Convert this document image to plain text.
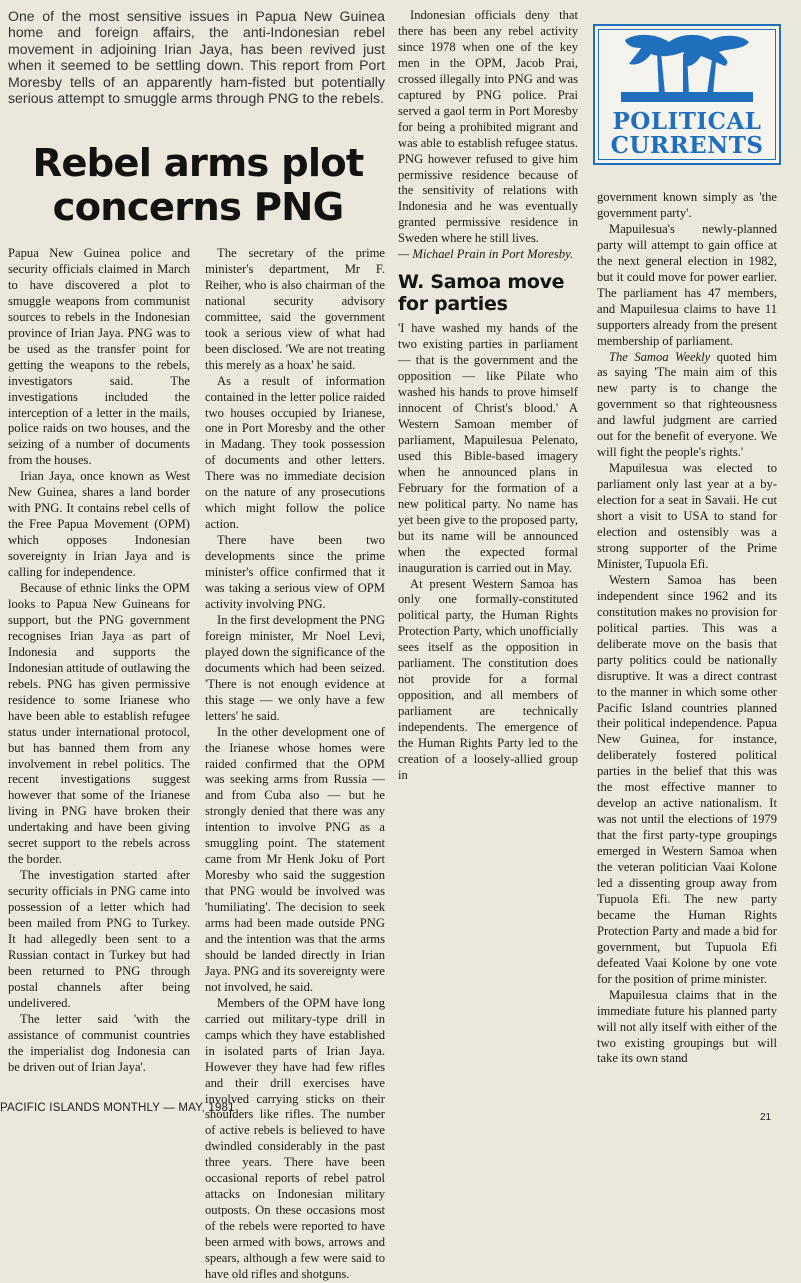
One of the most sensitive issues in Papua New Guinea home and foreign affairs, the anti-Indonesian rebel movement in adjoining Irian Jaya, has been revived just when it seemed to be settling down. This report from Port Moresby tells of an apparently ham-fisted but potentially serious attempt to smuggle arms through PNG to the rebels.

Rebel arms plot
concerns PNG

Papua New Guinea police and security officials claimed in March to have discovered a plot to smuggle weapons from communist sources to rebels in the Indonesian province of Irian Jaya. PNG was to be used as the transfer point for getting the weapons to the rebels, investigators said. The investigations included the interception of a letter in the mails, police raids on two houses, and the seizing of a number of documents from the houses.

Irian Jaya, once known as West New Guinea, shares a land border with PNG. It contains rebel cells of the Free Papua Movement (OPM) which opposes Indonesian sovereignty in Irian Jaya and is calling for independence.

Because of ethnic links the OPM looks to Papua New Guineans for support, but the PNG government recognises Irian Jaya as part of Indonesia and supports the Indonesian attitude of outlawing the rebels. PNG has given permissive residence to some Irianese who have been able to establish refugee status under international protocol, but has banned them from any involvement in rebel politics. The recent investigations suggest however that some of the Irianese living in PNG have broken their undertaking and have been giving secret support to the rebels across the border.

The investigation started after security officials in PNG came into possession of a letter which had been mailed from PNG to Turkey. It had allegedly been sent to a Russian contact in Turkey but had been returned to PNG through postal channels after being undelivered.

The letter said 'with the assistance of communist countries the imperialist dog Indonesia can be driven out of Irian Jaya'.

The secretary of the prime minister's department, Mr F. Reiher, who is also chairman of the national security advisory committee, said the government took a serious view of what had been disclosed. 'We are not treating this merely as a hoax' he said.

As a result of information contained in the letter police raided two houses occupied by Irianese, one in Port Moresby and the other in Madang. They took possession of documents and other letters. There was no immediate decision on the nature of any prosecutions which might follow the police action.

There have been two developments since the prime minister's office confirmed that it was taking a serious view of OPM activity involving PNG.

In the first development the PNG foreign minister, Mr Noel Levi, played down the significance of the documents which had been seized. 'There is not enough evidence at this stage — we only have a few letters' he said.

In the other development one of the Irianese whose homes were raided confirmed that the OPM was seeking arms from Russia — and from Cuba also — but he strongly denied that there was any intention to involve PNG as a smuggling point. The statement came from Mr Henk Joku of Port Moresby who said the suggestion that PNG would be involved was 'humiliating'. The decision to seek arms had been made outside PNG and the intention was that the arms should be landed directly in Irian Jaya. PNG and its sovereignty were not involved, he said.

Members of the OPM have long carried out military-type drill in camps which they have established in isolated parts of Irian Jaya. However they have had few rifles and their drill exercises have involved carrying sticks on their shoulders like rifles. The number of active rebels is believed to have dwindled considerably in the past three years. There have been occasional reports of rebel patrol attacks on Indonesian military outposts. On these occasions most of the rebels were reported to have been armed with bows, arrows and spears, although a few were said to have old rifles and shotguns.

Indonesian officials deny that there has been any rebel activity since 1978 when one of the key men in the OPM, Jacob Prai, crossed illegally into PNG and was captured by PNG police. Prai served a gaol term in Port Moresby for being a prohibited migrant and was able to establish refugee status. PNG however refused to give him permissive residence because of the sensitivity of relations with Indonesia and he was eventually granted permissive residence in Sweden where he still lives.

— Michael Prain in Port Moresby.

W. Samoa move
for parties

'I have washed my hands of the two existing parties in parliament — that is the government and the opposition — like Pilate who washed his hands to prove himself innocent of Christ's blood.' A Western Samoan member of parliament, Mapuilesua Pelenato, used this Bible-based imagery when he announced plans in February for the formation of a new political party. No name has yet been give to the proposed party, but its name will be announced when the expected formal inauguration is carried out in May.

At present Western Samoa has only one formally-constituted political party, the Human Rights Protection Party, which unofficially sees itself as the opposition in parliament. The constitution does not provide for a formal opposition, and all members of parliament are technically independents. The emergence of the Human Rights Party led to the creation of a loosely-allied group in

POLITICAL
CURRENTS

government known simply as 'the government party'.

Mapuilesua's newly-planned party will attempt to gain office at the next general election in 1982, but it could move for power earlier. The parliament has 47 members, and Mapuilesua claims to have 11 supporters already from the present membership of parliament.

The Samoa Weekly quoted him as saying 'The main aim of this new party is to change the government so that righteousness and lawful judgment are carried out for the benefit of everyone. We will fight the people's rights.'

Mapuilesua was elected to parliament only last year at a by-election for a seat in Savaii. He cut short a visit to USA to stand for election and ostensibly was a strong supporter of the Prime Minister, Tupuola Efi.

Western Samoa has been independent since 1962 and its constitution makes no provision for political parties. This was a deliberate move on the basis that party politics could be nationally disruptive. It was a direct contrast to the manner in which some other Pacific Island countries planned their political independence. Papua New Guinea, for instance, deliberately fostered political parties in the belief that this was the most effective manner to develop an active nationalism. It was not until the elections of 1979 that the first party-type groupings emerged in Western Samoa when the veteran politician Vaai Kolone led a dissenting group away from Tupuola Efi. The new party became the Human Rights Protection Party and made a bid for government, but Tupuola Efi defeated Vaai Kolone by one vote for the position of prime minister.

Mapuilesua claims that in the immediate future his planned party will not ally itself with either of the two existing groupings but will take its own stand

PACIFIC ISLANDS MONTHLY — MAY, 1981
21
